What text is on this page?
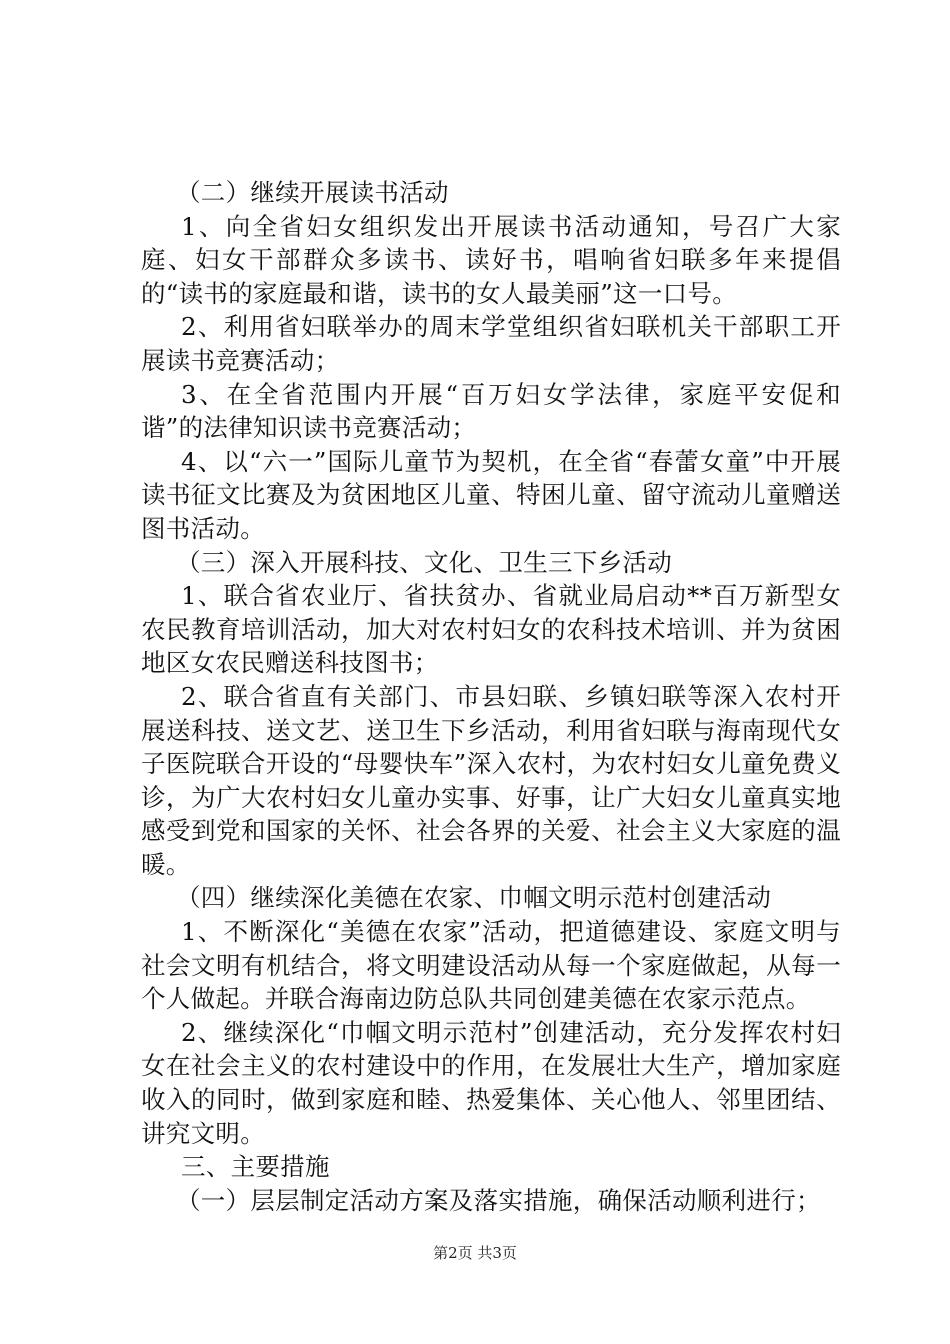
（二）继续开展读书活动

1、向全省妇女组织发出开展读书活动通知，号召广大家庭、妇女干部群众多读书、读好书，唱响省妇联多年来提倡的“读书的家庭最和谐，读书的女人最美丽”这一口号。

2、利用省妇联举办的周末学堂组织省妇联机关干部职工开展读书竞赛活动；

3、在全省范围内开展“百万妇女学法律，家庭平安促和谐”的法律知识读书竞赛活动；

4、以“六一”国际儿童节为契机，在全省“春蕾女童”中开展读书征文比赛及为贫困地区儿童、特困儿童、留守流动儿童赠送图书活动。

（三）深入开展科技、文化、卫生三下乡活动

1、联合省农业厅、省扶贫办、省就业局启动**百万新型女农民教育培训活动，加大对农村妇女的农科技术培训、并为贫困地区女农民赠送科技图书；

2、联合省直有关部门、市县妇联、乡镇妇联等深入农村开展送科技、送文艺、送卫生下乡活动，利用省妇联与海南现代女子医院联合开设的“母婴快车”深入农村，为农村妇女儿童免费义诊，为广大农村妇女儿童办实事、好事，让广大妇女儿童真实地感受到党和国家的关怀、社会各界的关爱、社会主义大家庭的温暖。

（四）继续深化美德在农家、巾帼文明示范村创建活动

1、不断深化“美德在农家”活动，把道德建设、家庭文明与社会文明有机结合，将文明建设活动从每一个家庭做起，从每一个人做起。并联合海南边防总队共同创建美德在农家示范点。

2、继续深化“巾帼文明示范村”创建活动，充分发挥农村妇女在社会主义的农村建设中的作用，在发展壮大生产，增加家庭收入的同时，做到家庭和睦、热爱集体、关心他人、邻里团结、讲究文明。

三、主要措施

（一）层层制定活动方案及落实措施，确保活动顺利进行；

第2页 共3页
